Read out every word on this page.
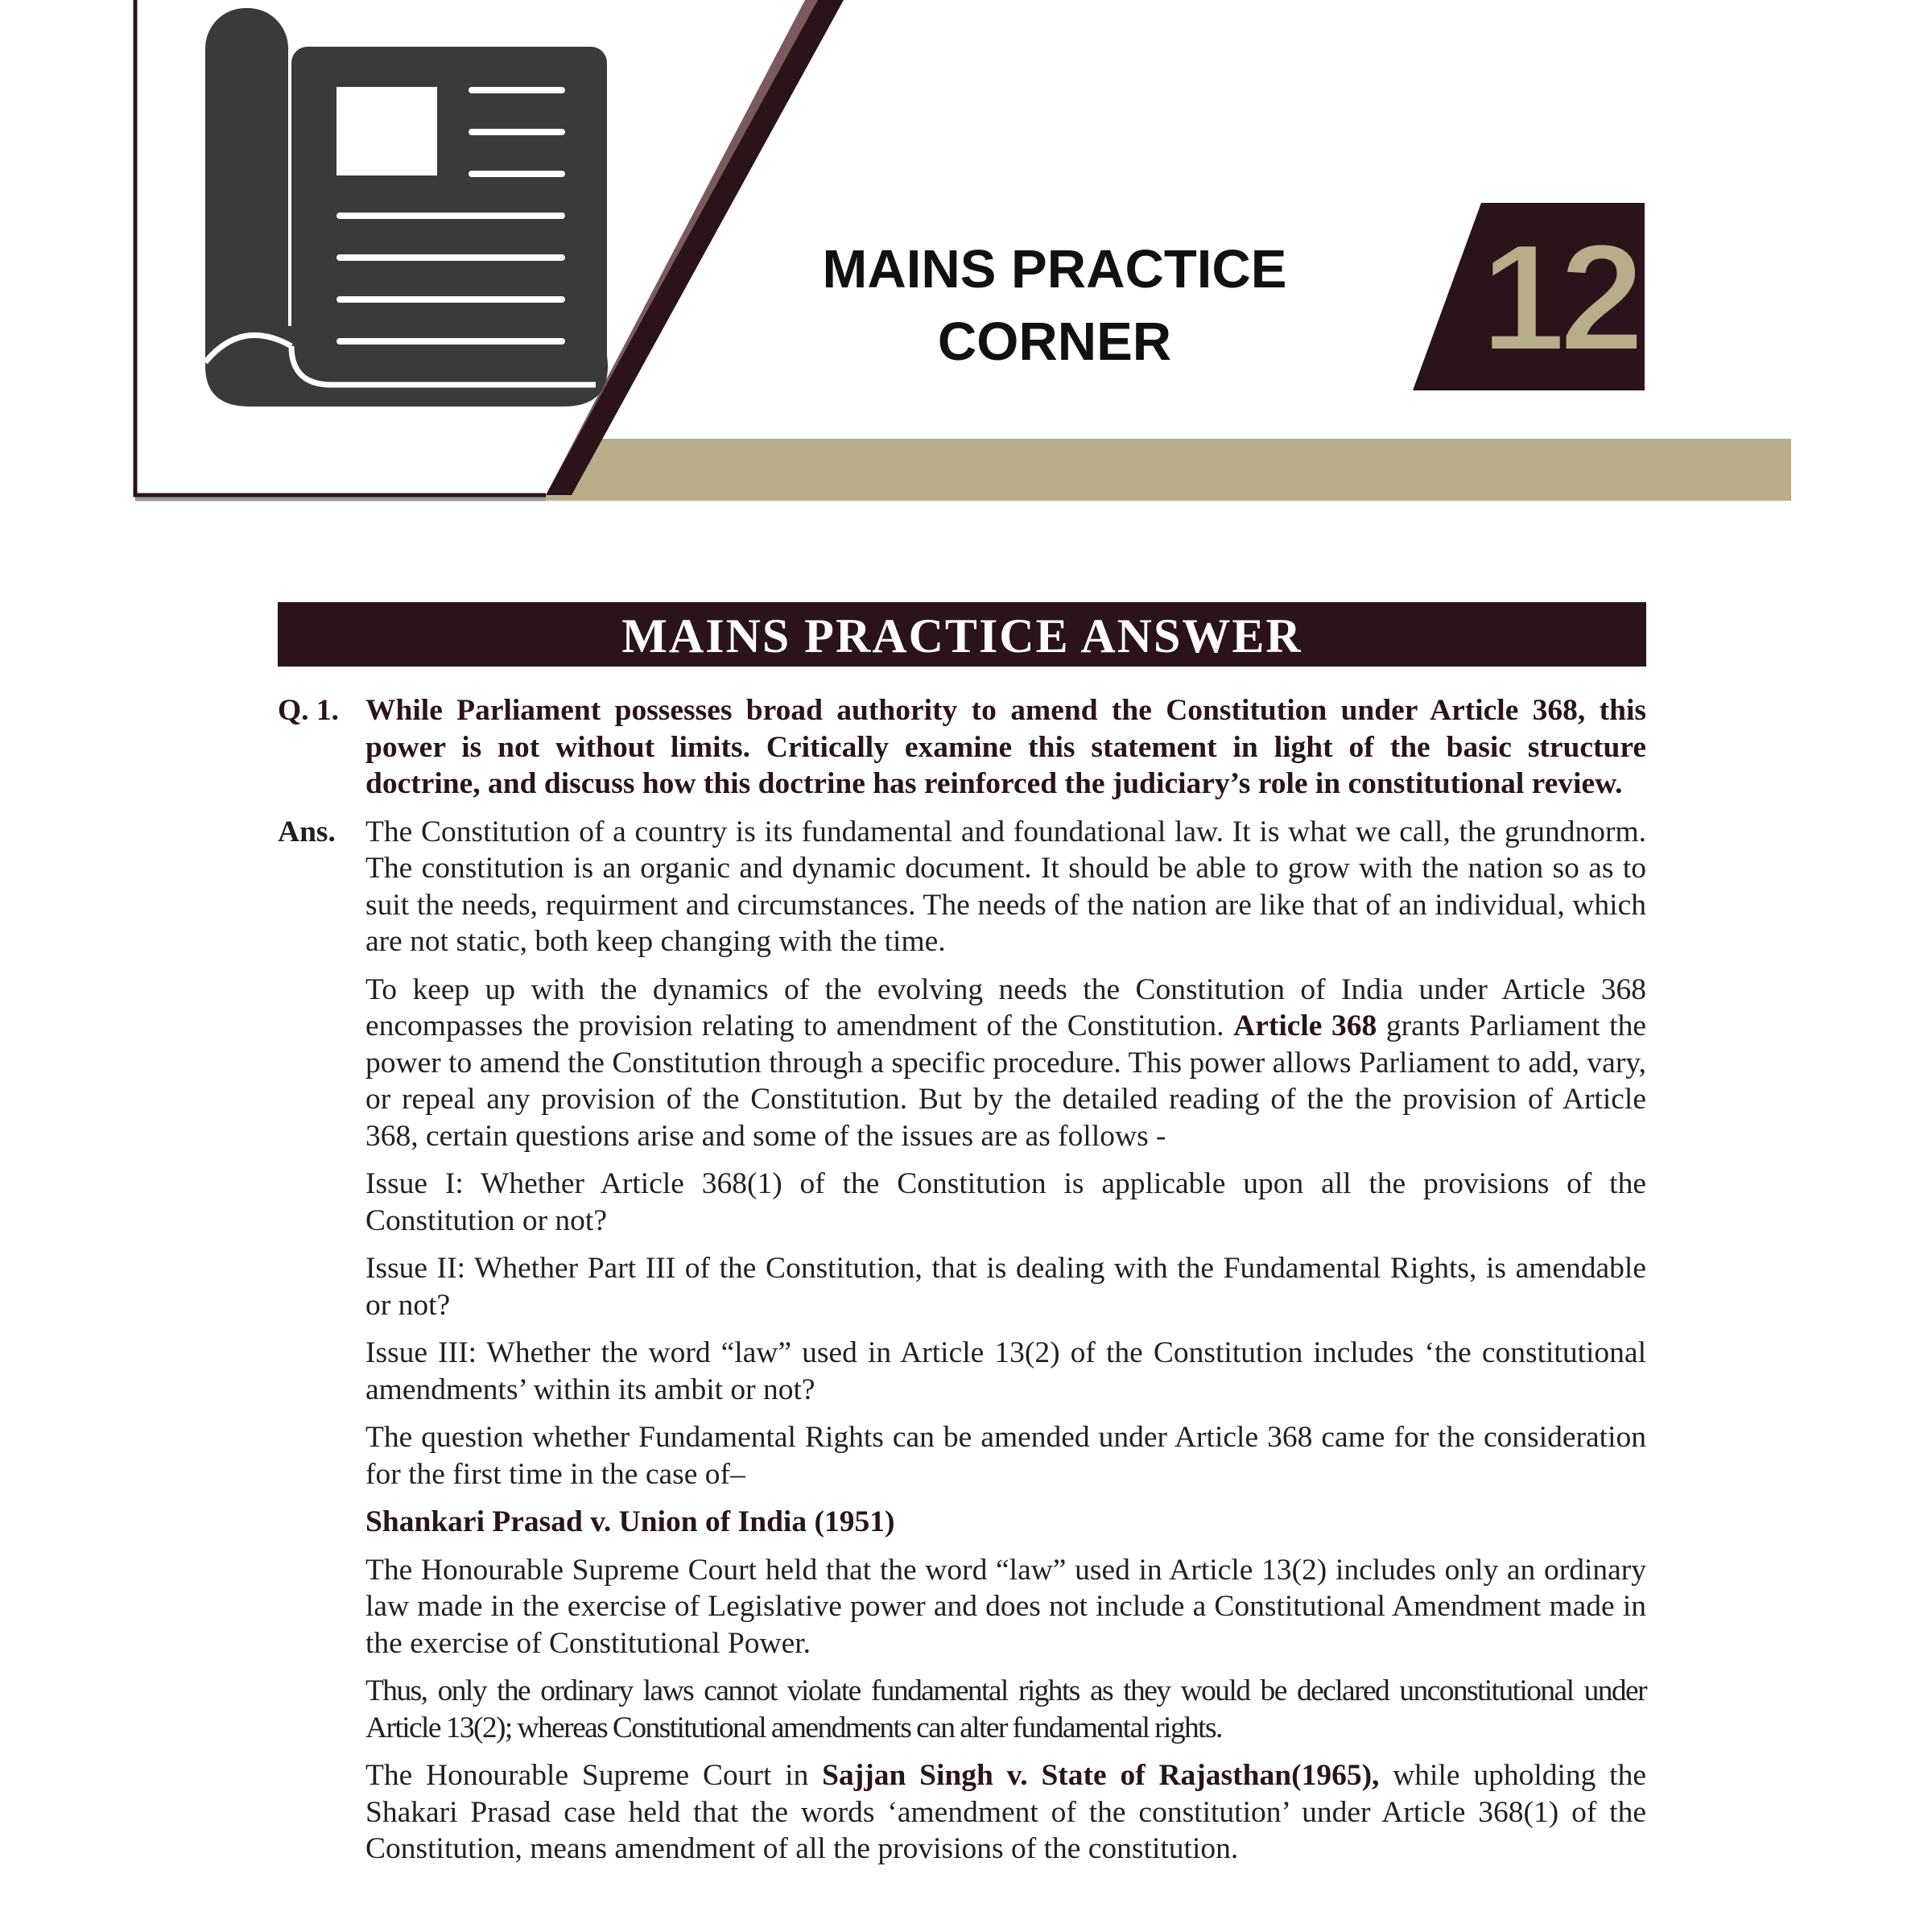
MAINS PRACTICE
CORNER	12
MAINS PRACTICE ANSWER
Q. 1. While Parliament possesses broad authority to amend the Constitution under Article 368, this power is not without limits. Critically examine this statement in light of the basic structure doctrine, and discuss how this doctrine has reinforced the judiciary’s role in constitutional review.
Ans. The Constitution of a country is its fundamental and foundational law. It is what we call, the grundnorm. The constitution is an organic and dynamic document. It should be able to grow with the nation so as to suit the needs, requirment and circumstances. The needs of the nation are like that of an individual, which are not static, both keep changing with the time.
To keep up with the dynamics of the evolving needs the Constitution of India under Article 368 encompasses the provision relating to amendment of the Constitution. Article 368 grants Parliament the power to amend the Constitution through a specific procedure. This power allows Parliament to add, vary, or repeal any provision of the Constitution. But by the detailed reading of the the provision of Article 368, certain questions arise and some of the issues are as follows -
Issue I: Whether Article 368(1) of the Constitution is applicable upon all the provisions of the Constitution or not?
Issue II: Whether Part III of the Constitution, that is dealing with the Fundamental Rights, is amendable or not?
Issue III: Whether the word “law” used in Article 13(2) of the Constitution includes ‘the constitutional amendments’ within its ambit or not?
The question whether Fundamental Rights can be amended under Article 368 came for the consideration for the first time in the case of–
Shankari Prasad v. Union of India (1951)
The Honourable Supreme Court held that the word “law” used in Article 13(2) includes only an ordinary law made in the exercise of Legislative power and does not include a Constitutional Amendment made in the exercise of Constitutional Power.
Thus, only the ordinary laws cannot violate fundamental rights as they would be declared unconstitutional under Article 13(2); whereas Constitutional amendments can alter fundamental rights.
The Honourable Supreme Court in Sajjan Singh v. State of Rajasthan(1965), while upholding the Shakari Prasad case held that the words ‘amendment of the constitution’ under Article 368(1) of the Constitution, means amendment of all the provisions of the constitution.
